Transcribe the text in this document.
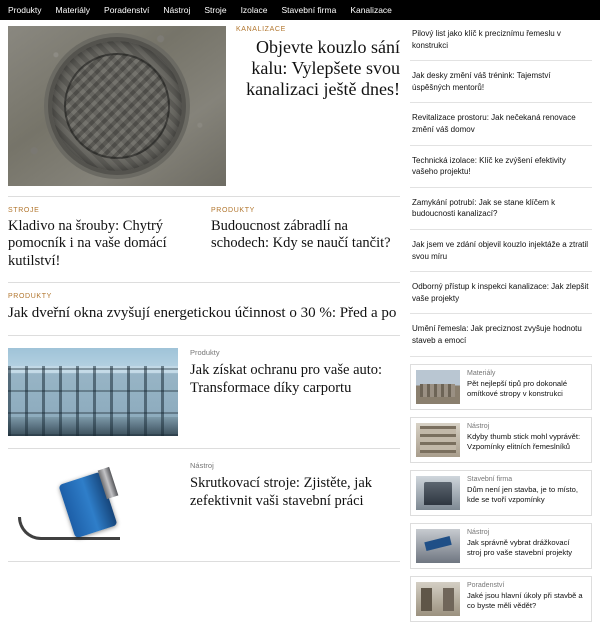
Produkty Materiály Poradenství Nástroj Stroje Izolace Stavební firma Kanalizace
KANALIZACE
Objevte kouzlo sání kalu: Vylepšete svou kanalizaci ještě dnes!
STROJE
Kladivo na šrouby: Chytrý pomocník i na vaše domácí kutilství!
PRODUKTY
Budoucnost zábradlí na schodech: Kdy se naučí tančit?
PRODUKTY
Jak dveřní okna zvyšují energetickou účinnost o 30 %: Před a po
Produkty
Jak získat ochranu pro vaše auto: Transformace díky carportu
Nástroj
Skrutkovací stroje: Zjistěte, jak zefektivnit vaši stavební práci
Pilový list jako klíč k preciznímu řemeslu v konstrukci
Jak desky změní váš trénink: Tajemství úspěšných mentorů!
Revitalizace prostoru: Jak nečekaná renovace změní váš domov
Technická izolace: Klíč ke zvýšení efektivity vašeho projektu!
Zamykání potrubí: Jak se stane klíčem k budoucnosti kanalizací?
Jak jsem ve zdání objevil kouzlo injektáže a ztratil svou míru
Odborný přístup k inspekci kanalizace: Jak zlepšit vaše projekty
Umění řemesla: Jak preciznost zvyšuje hodnotu staveb a emocí
Materiály
Pět nejlepší tipů pro dokonalé omítkové stropy v konstrukci
Nástroj
Kdyby thumb stick mohl vyprávět: Vzpomínky elitních řemeslníků
Stavební firma
Dům není jen stavba, je to místo, kde se tvoří vzpomínky
Nástroj
Jak správně vybrat drážkovací stroj pro vaše stavební projekty
Poradenství
Jaké jsou hlavní úkoly při stavbě a co byste měli vědět?
